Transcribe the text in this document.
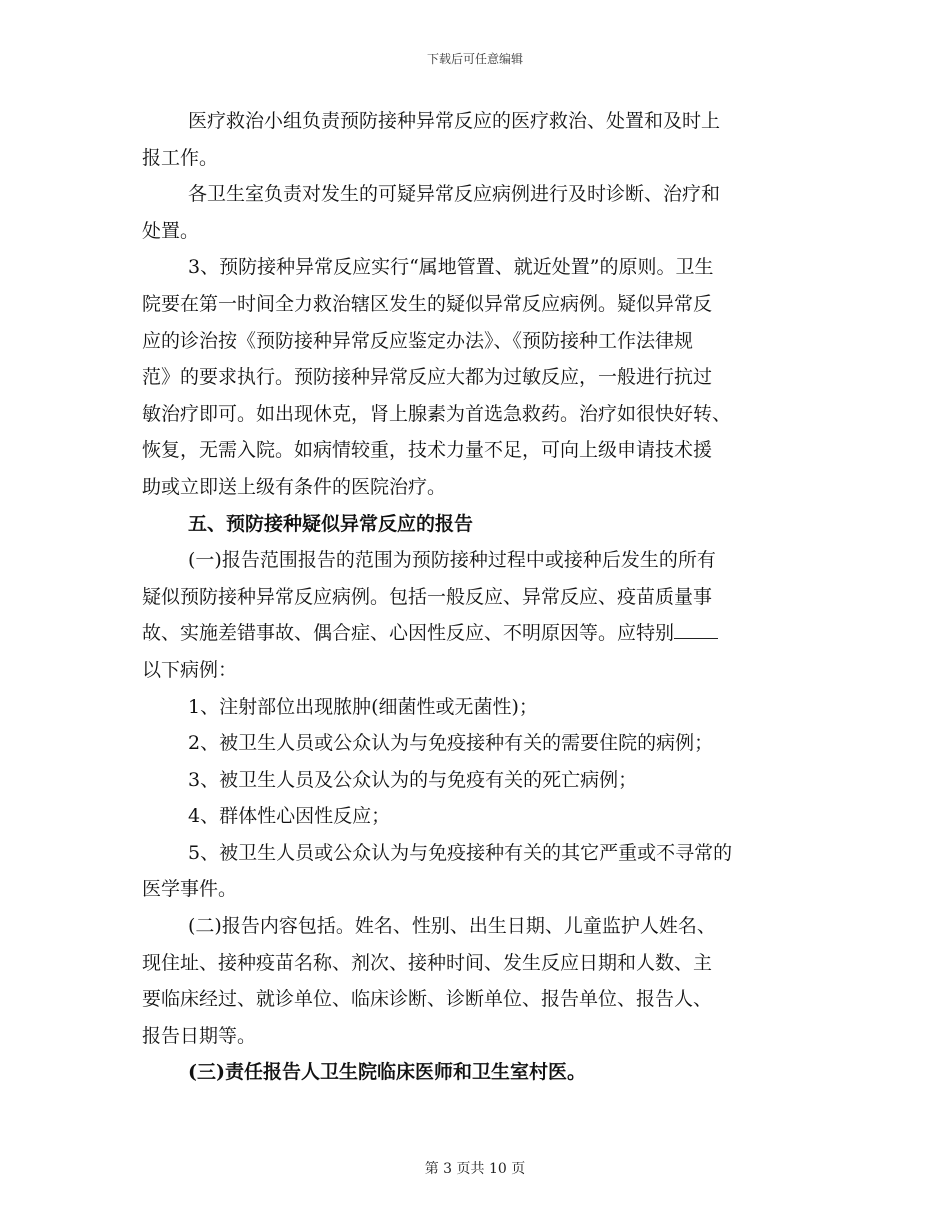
下载后可任意编辑
医疗救治小组负责预防接种异常反应的医疗救治、处置和及时上
报工作。
各卫生室负责对发生的可疑异常反应病例进行及时诊断、治疗和
处置。
3、预防接种异常反应实行“属地管置、就近处置”的原则。卫生
院要在第一时间全力救治辖区发生的疑似异常反应病例。疑似异常反
应的诊治按《预防接种异常反应鉴定办法》、《预防接种工作法律规
范》的要求执行。预防接种异常反应大都为过敏反应，一般进行抗过
敏治疗即可。如出现休克，肾上腺素为首选急救药。治疗如很快好转、
恢复，无需入院。如病情较重，技术力量不足，可向上级申请技术援
助或立即送上级有条件的医院治疗。
五、预防接种疑似异常反应的报告
(一)报告范围报告的范围为预防接种过程中或接种后发生的所有
疑似预防接种异常反应病例。包括一般反应、异常反应、疫苗质量事
故、实施差错事故、偶合症、心因性反应、不明原因等。应特别
以下病例：
1、注射部位出现脓肿(细菌性或无菌性)；
2、被卫生人员或公众认为与免疫接种有关的需要住院的病例；
3、被卫生人员及公众认为的与免疫有关的死亡病例；
4、群体性心因性反应；
5、被卫生人员或公众认为与免疫接种有关的其它严重或不寻常的
医学事件。
(二)报告内容包括。姓名、性别、出生日期、儿童监护人姓名、
现住址、接种疫苗名称、剂次、接种时间、发生反应日期和人数、主
要临床经过、就诊单位、临床诊断、诊断单位、报告单位、报告人、
报告日期等。
(三)责任报告人卫生院临床医师和卫生室村医。
第 3 页共 10 页
